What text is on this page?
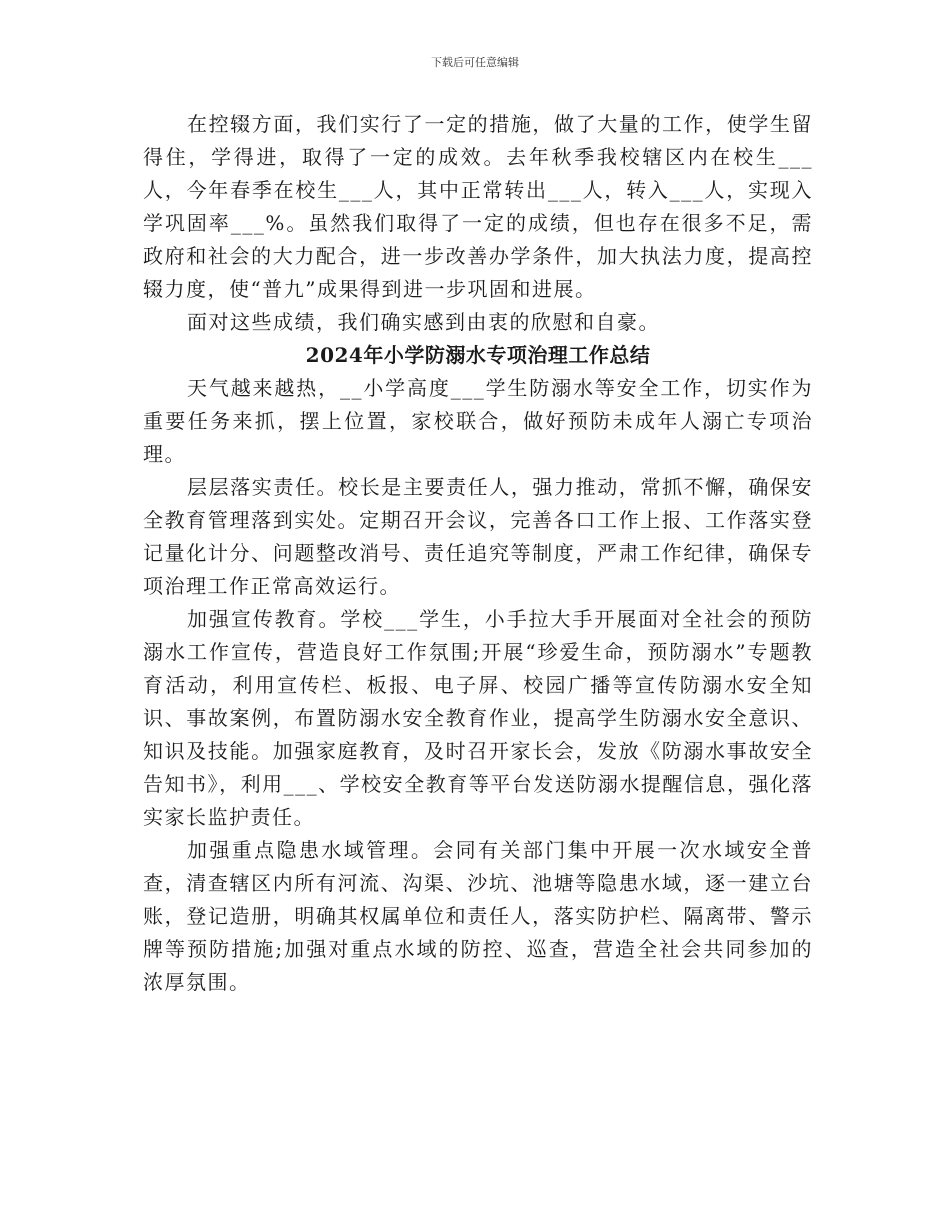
下载后可任意编辑

在控辍方面，我们实行了一定的措施，做了大量的工作，使学生留得住，学得进，取得了一定的成效。去年秋季我校辖区内在校生___人，今年春季在校生___人，其中正常转出___人，转入___人，实现入学巩固率___%。虽然我们取得了一定的成绩，但也存在很多不足，需政府和社会的大力配合，进一步改善办学条件，加大执法力度，提高控辍力度，使“普九”成果得到进一步巩固和进展。

面对这些成绩，我们确实感到由衷的欣慰和自豪。

2024年小学防溺水专项治理工作总结

天气越来越热，__小学高度___学生防溺水等安全工作，切实作为重要任务来抓，摆上位置，家校联合，做好预防未成年人溺亡专项治理。

层层落实责任。校长是主要责任人，强力推动，常抓不懈，确保安全教育管理落到实处。定期召开会议，完善各口工作上报、工作落实登记量化计分、问题整改消号、责任追究等制度，严肃工作纪律，确保专项治理工作正常高效运行。

加强宣传教育。学校___学生，小手拉大手开展面对全社会的预防溺水工作宣传，营造良好工作氛围;开展“珍爱生命，预防溺水”专题教育活动，利用宣传栏、板报、电子屏、校园广播等宣传防溺水安全知识、事故案例，布置防溺水安全教育作业，提高学生防溺水安全意识、知识及技能。加强家庭教育，及时召开家长会，发放《防溺水事故安全告知书》，利用___、学校安全教育等平台发送防溺水提醒信息，强化落实家长监护责任。

加强重点隐患水域管理。会同有关部门集中开展一次水域安全普查，清查辖区内所有河流、沟渠、沙坑、池塘等隐患水域，逐一建立台账，登记造册，明确其权属单位和责任人，落实防护栏、隔离带、警示牌等预防措施;加强对重点水域的防控、巡查，营造全社会共同参加的浓厚氛围。
